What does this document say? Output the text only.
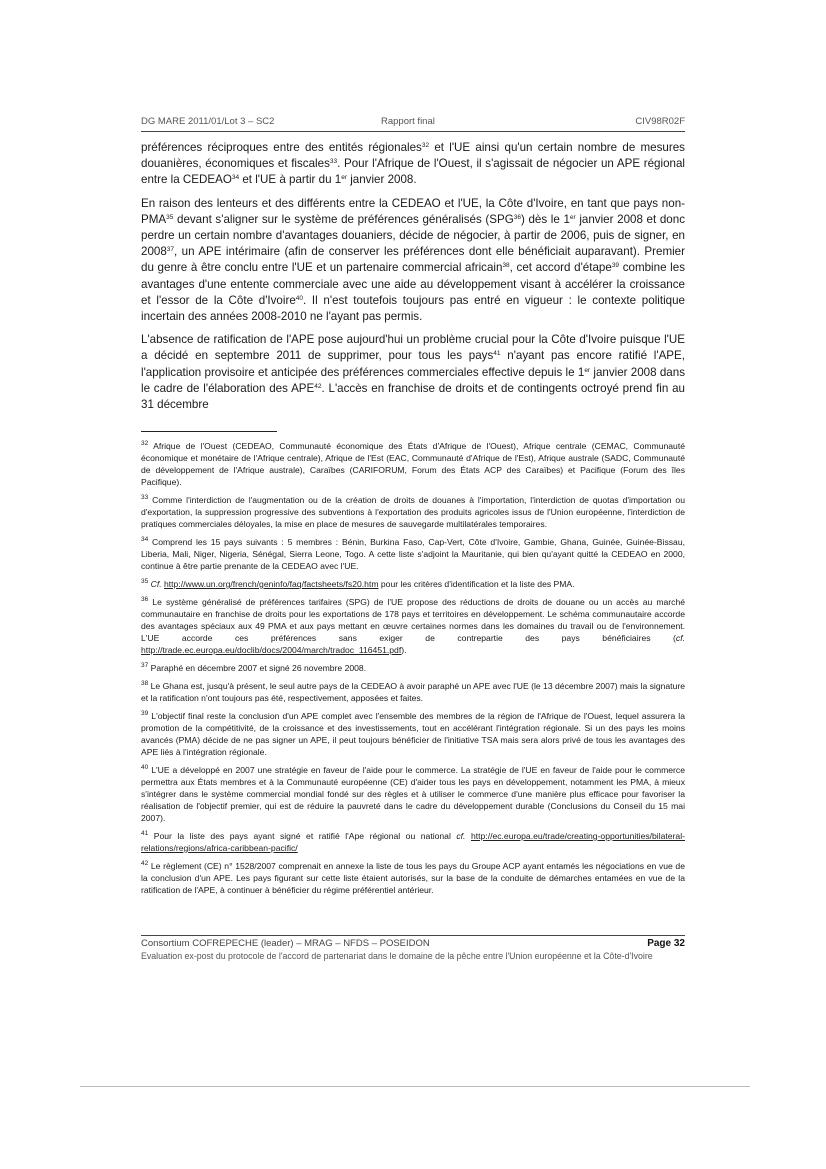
DG MARE 2011/01/Lot 3 – SC2	Rapport final	CIV98R02F

préférences réciproques entre des entités régionales$^{32}$ et l'UE ainsi qu'un certain nombre de mesures douanières, économiques et fiscales$^{33}$. Pour l'Afrique de l'Ouest, il s'agissait de négocier un APE régional entre la CEDEAO$^{34}$ et l'UE à partir du 1er janvier 2008.

En raison des lenteurs et des différents entre la CEDEAO et l'UE, la Côte d'Ivoire, en tant que pays non-PMA$^{35}$ devant s'aligner sur le système de préférences généralisés (SPG$^{36}$) dès le 1er janvier 2008 et donc perdre un certain nombre d'avantages douaniers, décide de négocier, à partir de 2006, puis de signer, en 2008$^{37}$, un APE intérimaire (afin de conserver les préférences dont elle bénéficiait auparavant). Premier du genre à être conclu entre l'UE et un partenaire commercial africain$^{38}$, cet accord d'étape$^{39}$ combine les avantages d'une entente commerciale avec une aide au développement visant à accélérer la croissance et l'essor de la Côte d'Ivoire$^{40}$. Il n'est toutefois toujours pas entré en vigueur : le contexte politique incertain des années 2008-2010 ne l'ayant pas permis.

L'absence de ratification de l'APE pose aujourd'hui un problème crucial pour la Côte d'Ivoire puisque l'UE a décidé en septembre 2011 de supprimer, pour tous les pays$^{41}$ n'ayant pas encore ratifié l'APE, l'application provisoire et anticipée des préférences commerciales effective depuis le 1er janvier 2008 dans le cadre de l'élaboration des APE$^{42}$. L'accès en franchise de droits et de contingents octroyé prend fin au 31 décembre

$^{32}$ Afrique de l'Ouest (CEDEAO, Communauté économique des États d'Afrique de l'Ouest), Afrique centrale (CEMAC, Communauté économique et monétaire de l'Afrique centrale), Afrique de l'Est (EAC, Communauté d'Afrique de l'Est), Afrique australe (SADC, Communauté de développement de l'Afrique australe), Caraïbes (CARIFORUM, Forum des États ACP des Caraïbes) et Pacifique (Forum des îles Pacifique).

$^{33}$ Comme l'interdiction de l'augmentation ou de la création de droits de douanes à l'importation, l'interdiction de quotas d'importation ou d'exportation, la suppression progressive des subventions à l'exportation des produits agricoles issus de l'Union européenne, l'interdiction de pratiques commerciales déloyales, la mise en place de mesures de sauvegarde multilatérales temporaires.

$^{34}$ Comprend les 15 pays suivants : 5 membres : Bénin, Burkina Faso, Cap-Vert, Côte d'Ivoire, Gambie, Ghana, Guinée, Guinée-Bissau, Liberia, Mali, Niger, Nigeria, Sénégal, Sierra Leone, Togo. A cette liste s'adjoint la Mauritanie, qui bien qu'ayant quitté la CEDEAO en 2000, continue à être partie prenante de la CEDEAO avec l'UE.

$^{35}$ Cf. http://www.un.org/french/geninfo/faq/factsheets/fs20.htm pour les critères d'identification et la liste des PMA.

$^{36}$ Le système généralisé de préférences tarifaires (SPG) de l'UE propose des réductions de droits de douane ou un accès au marché communautaire en franchise de droits pour les exportations de 178 pays et territoires en développement. Le schéma communautaire accorde des avantages spéciaux aux 49 PMA et aux pays mettant en œuvre certaines normes dans les domaines du travail ou de l'environnement. L'UE accorde ces préférences sans exiger de contrepartie des pays bénéficiaires (cf. http://trade.ec.europa.eu/doclib/docs/2004/march/tradoc_116451.pdf).

$^{37}$ Paraphé en décembre 2007 et signé 26 novembre 2008.

$^{38}$ Le Ghana est, jusqu'à présent, le seul autre pays de la CEDEAO à avoir paraphé un APE avec l'UE (le 13 décembre 2007) mais la signature et la ratification n'ont toujours pas été, respectivement, apposées et faites.

$^{39}$ L'objectif final reste la conclusion d'un APE complet avec l'ensemble des membres de la région de l'Afrique de l'Ouest, lequel assurera la promotion de la compétitivité, de la croissance et des investissements, tout en accélérant l'intégration régionale. Si un des pays les moins avancés (PMA) décide de ne pas signer un APE, il peut toujours bénéficier de l'initiative TSA mais sera alors privé de tous les avantages des APE liés à l'intégration régionale.

$^{40}$ L'UE a développé en 2007 une stratégie en faveur de l'aide pour le commerce. La stratégie de l'UE en faveur de l'aide pour le commerce permettra aux États membres et à la Communauté européenne (CE) d'aider tous les pays en développement, notamment les PMA, à mieux s'intégrer dans le système commercial mondial fondé sur des règles et à utiliser le commerce d'une manière plus efficace pour favoriser la réalisation de l'objectif premier, qui est de réduire la pauvreté dans le cadre du développement durable (Conclusions du Conseil du 15 mai 2007).

$^{41}$ Pour la liste des pays ayant signé et ratifié l'Ape régional ou national cf. http://ec.europa.eu/trade/creating-opportunities/bilateral-relations/regions/africa-caribbean-pacific/

$^{42}$ Le règlement (CE) n° 1528/2007 comprenait en annexe la liste de tous les pays du Groupe ACP ayant entamés les négociations en vue de la conclusion d'un APE. Les pays figurant sur cette liste étaient autorisés, sur la base de la conduite de démarches entamées en vue de la ratification de l'APE, à continuer à bénéficier du régime préférentiel antérieur.

Consortium COFREPECHE (leader) – MRAG – NFDS – POSEIDON	Page 32
Evaluation ex-post du protocole de l'accord de partenariat dans le domaine de la pêche entre l'Union européenne et la Côte-d'Ivoire
